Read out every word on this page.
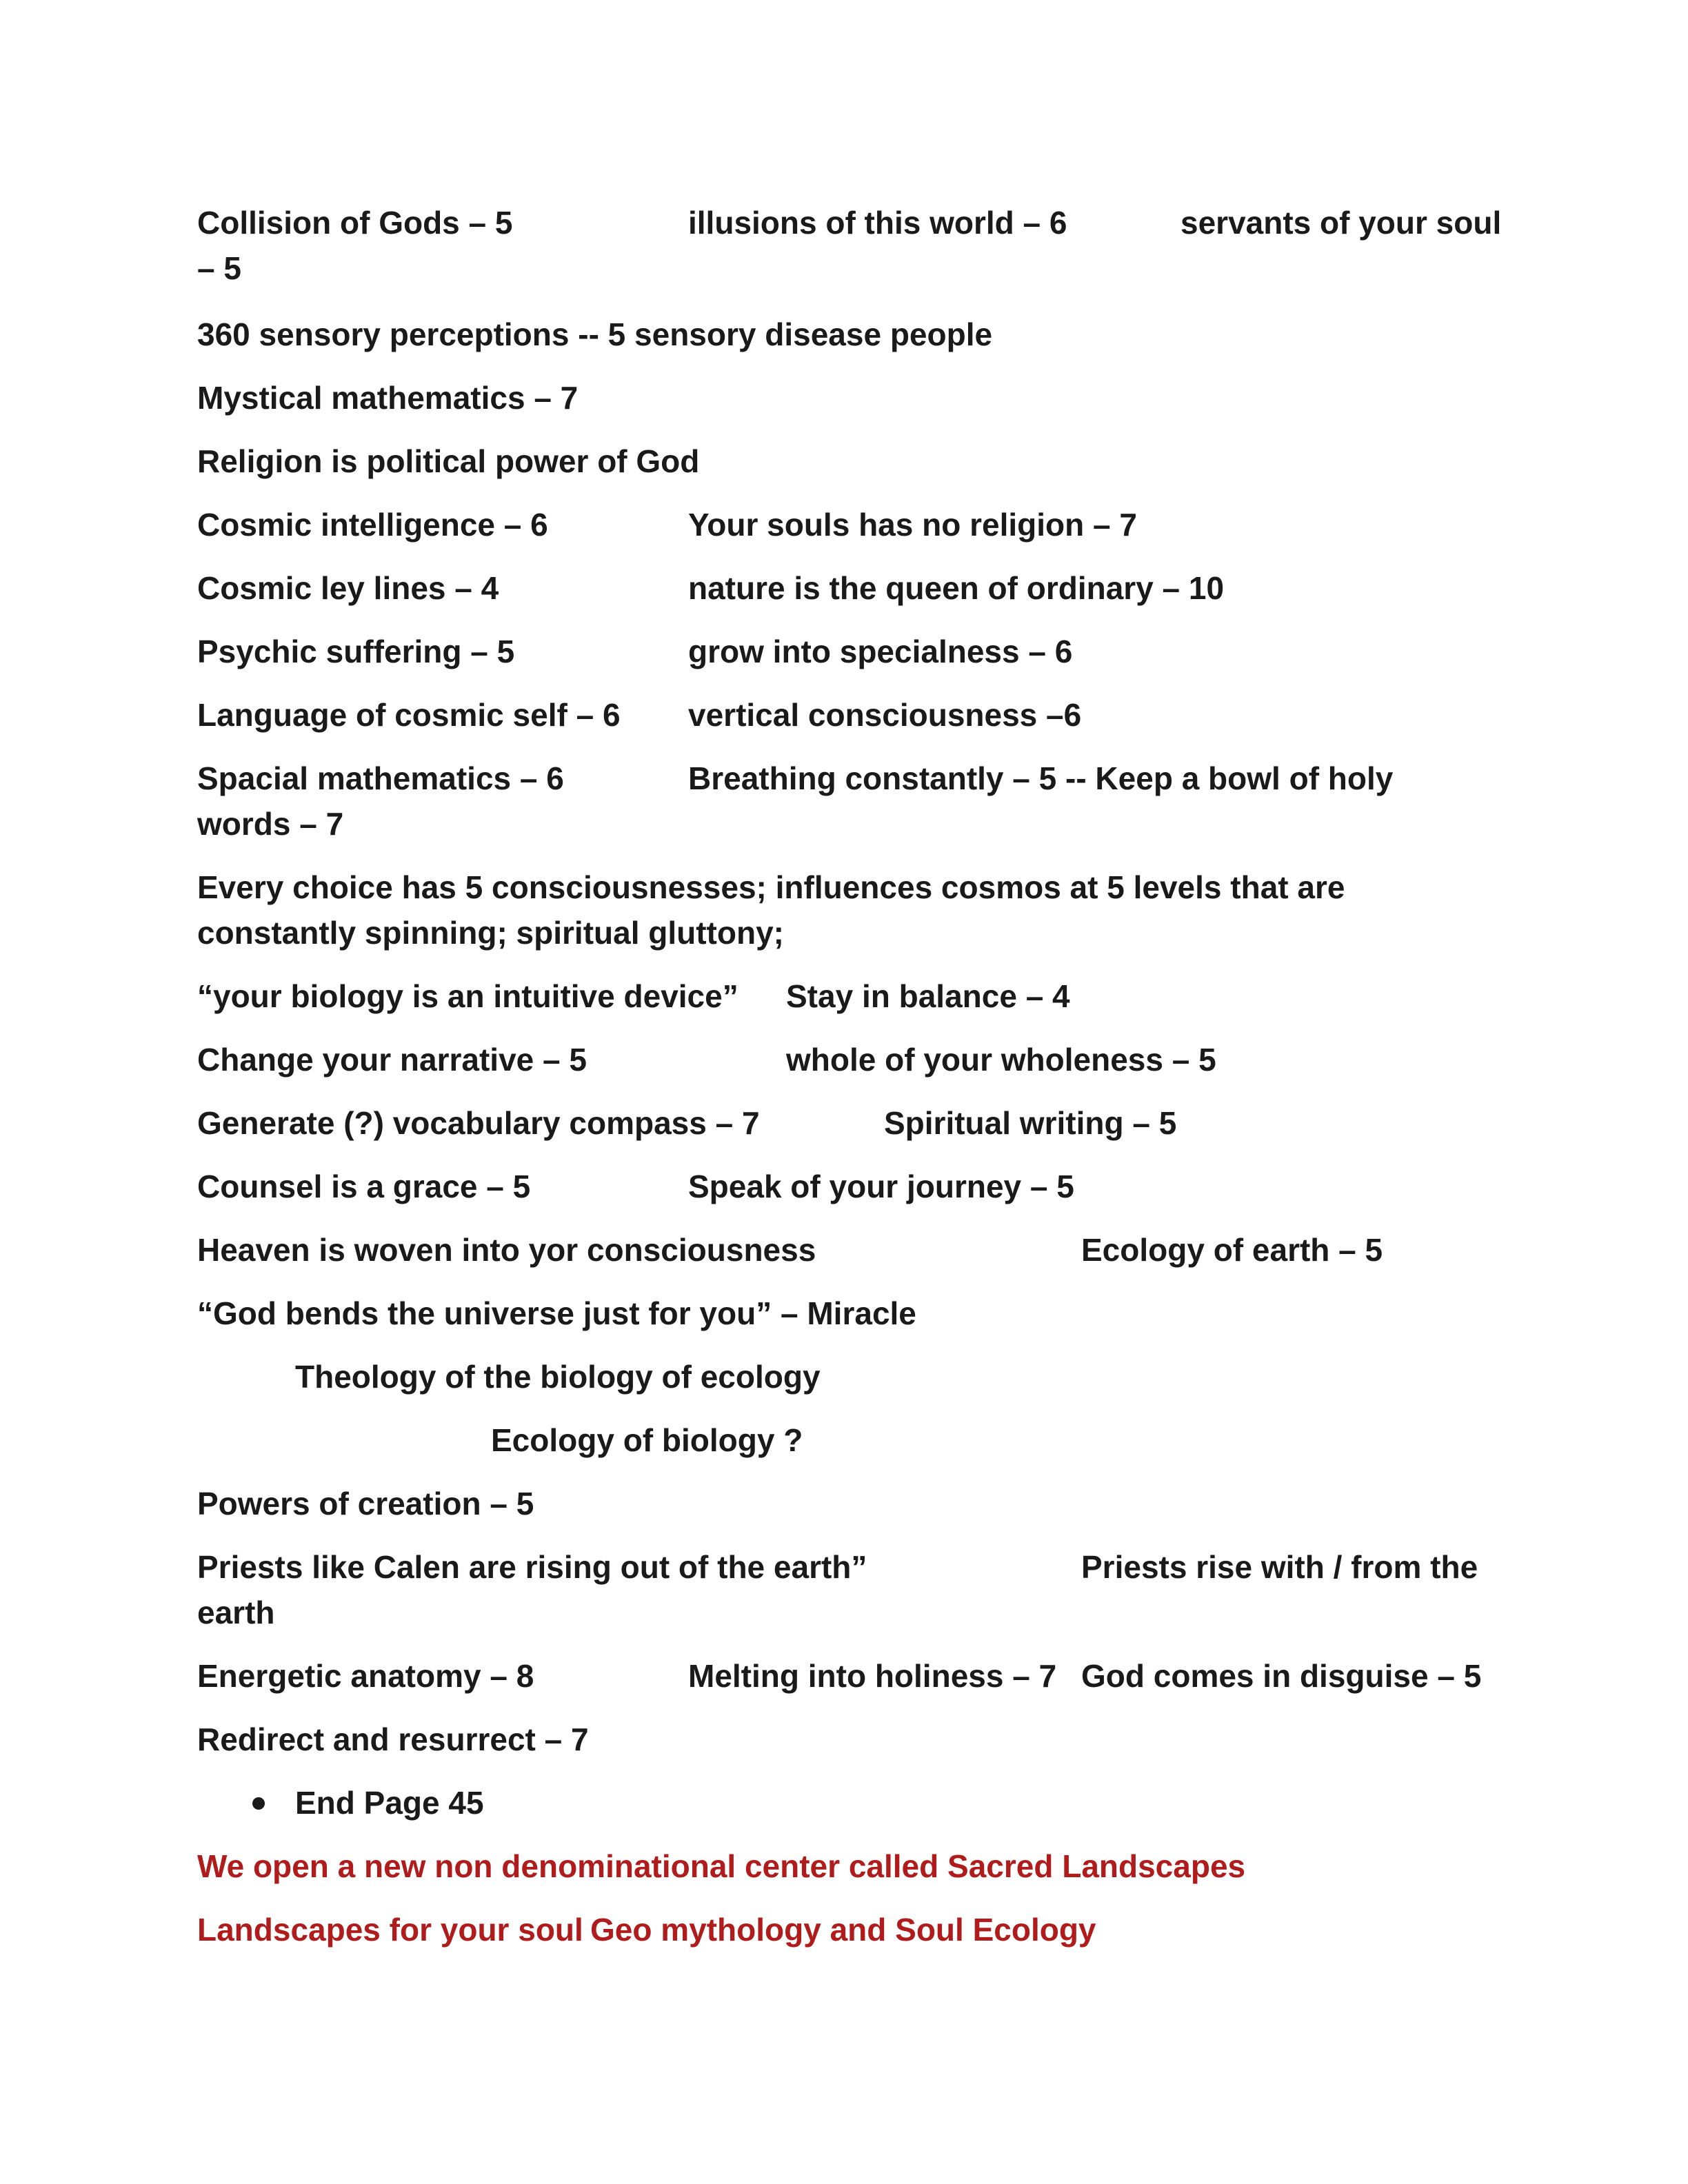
Collision of Gods – 5	illusions of this world – 6	servants of your soul
– 5
360 sensory perceptions -- 5 sensory disease people
Mystical mathematics – 7
Religion is political power of God
Cosmic intelligence – 6	Your souls has no religion – 7
Cosmic ley lines – 4	nature is the queen of ordinary – 10
Psychic suffering – 5	grow into specialness – 6
Language of cosmic self – 6 vertical consciousness –6
Spacial mathematics – 6	Breathing constantly – 5 -- Keep a bowl of holy
words – 7
Every choice has 5 consciousnesses; influences cosmos at 5 levels that are
constantly spinning; spiritual gluttony;
“your biology is an intuitive device” Stay in balance – 4
Change your narrative – 5	whole of your wholeness – 5
Generate (?) vocabulary compass – 7	Spiritual writing – 5
Counsel is a grace – 5	Speak of your journey – 5
Heaven is woven into yor consciousness	Ecology of earth – 5
“God bends the universe just for you” – Miracle
Theology of the biology of ecology
Ecology of biology ?
Powers of creation – 5
Priests like Calen are rising out of the earth”	Priests rise with / from the
earth
Energetic anatomy – 8	Melting into holiness – 7 God comes in disguise – 5
Redirect and resurrect – 7
End Page 45
We open a new non denominational center called Sacred Landscapes
Landscapes for your soul Geo mythology and Soul Ecology
